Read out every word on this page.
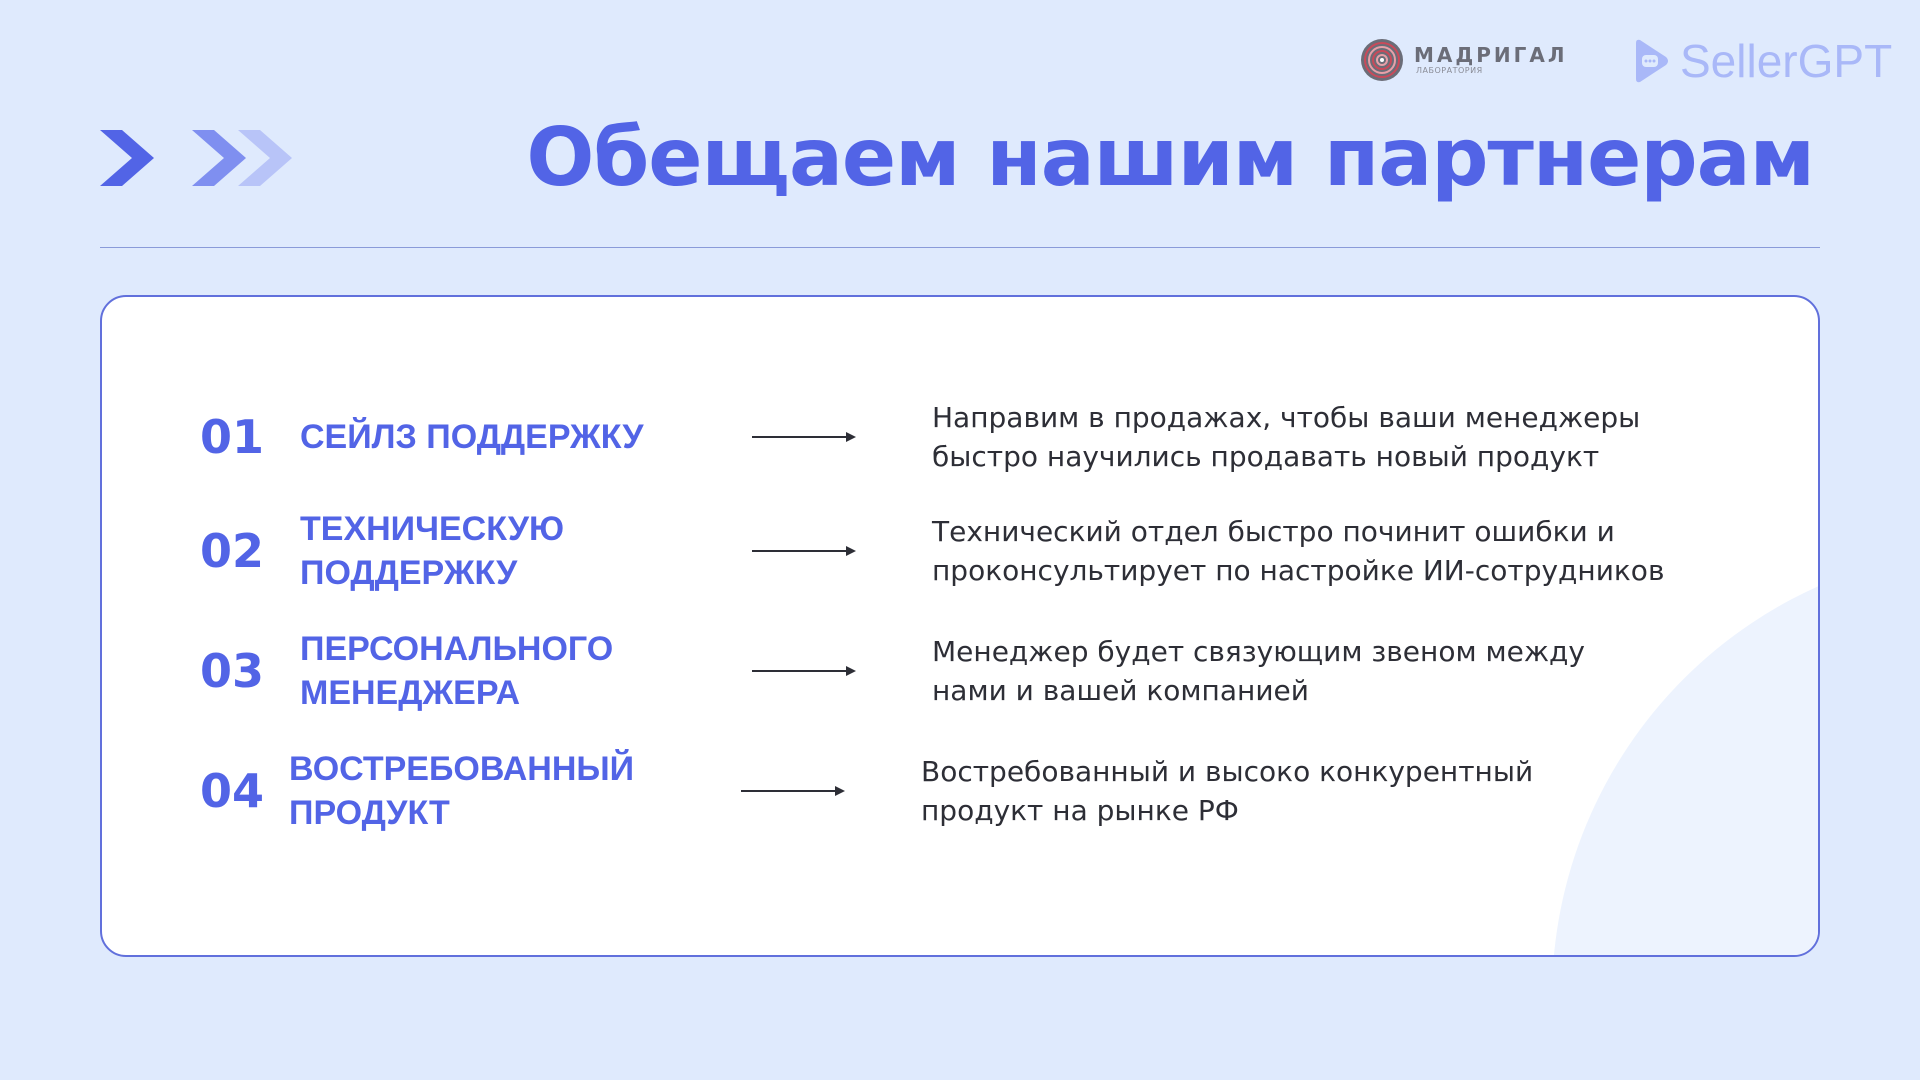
МАДРИГАЛ
ЛАБОРАТОРИЯ	SellerGPT
Обещаем нашим партнерам
01 СЕЙЛЗ ПОДДЕРЖКУ
Направим в продажах, чтобы ваши менеджеры быстро научились продавать новый продукт
02 ТЕХНИЧЕСКУЮ ПОДДЕРЖКУ
Технический отдел быстро починит ошибки и проконсультирует по настройке ИИ-сотрудников
03 ПЕРСОНАЛЬНОГО МЕНЕДЖЕРА
Менеджер будет связующим звеном между нами и вашей компанией
04 ВОСТРЕБОВАННЫЙ ПРОДУКТ
Востребованный и высоко конкурентный продукт на рынке РФ
